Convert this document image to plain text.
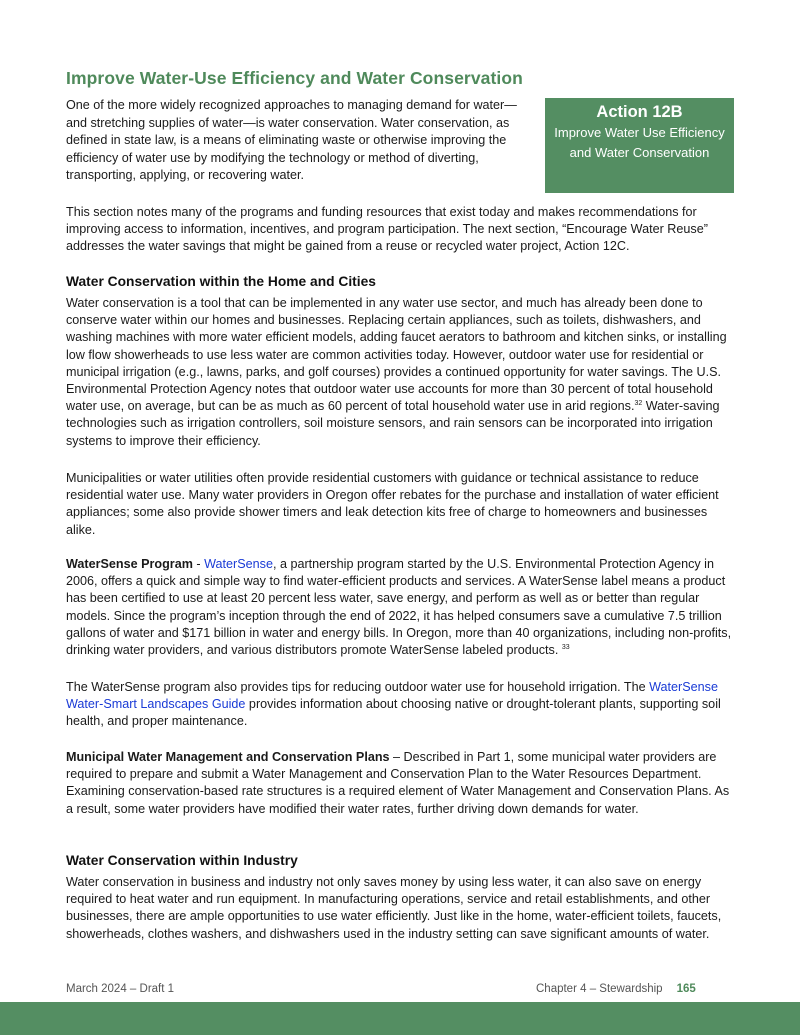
Improve Water-Use Efficiency and Water Conservation

One of the more widely recognized approaches to managing demand for water—and stretching supplies of water—is water conservation. Water conservation, as defined in state law, is a means of eliminating waste or otherwise improving the efficiency of water use by modifying the technology or method of diverting, transporting, applying, or recovering water.

Action 12B
Improve Water Use Efficiency and Water Conservation

This section notes many of the programs and funding resources that exist today and makes recommendations for improving access to information, incentives, and program participation. The next section, “Encourage Water Reuse” addresses the water savings that might be gained from a reuse or recycled water project, Action 12C.

Water Conservation within the Home and Cities

Water conservation is a tool that can be implemented in any water use sector, and much has already been done to conserve water within our homes and businesses. Replacing certain appliances, such as toilets, dishwashers, and washing machines with more water efficient models, adding faucet aerators to bathroom and kitchen sinks, or installing low flow showerheads to use less water are common activities today. However, outdoor water use for residential or municipal irrigation (e.g., lawns, parks, and golf courses) provides a continued opportunity for water savings. The U.S. Environmental Protection Agency notes that outdoor water use accounts for more than 30 percent of total household water use, on average, but can be as much as 60 percent of total household water use in arid regions.$^{32}$ Water-saving technologies such as irrigation controllers, soil moisture sensors, and rain sensors can be incorporated into irrigation systems to improve their efficiency.

Municipalities or water utilities often provide residential customers with guidance or technical assistance to reduce residential water use. Many water providers in Oregon offer rebates for the purchase and installation of water efficient appliances; some also provide shower timers and leak detection kits free of charge to homeowners and businesses alike.

WaterSense Program - WaterSense, a partnership program started by the U.S. Environmental Protection Agency in 2006, offers a quick and simple way to find water-efficient products and services. A WaterSense label means a product has been certified to use at least 20 percent less water, save energy, and perform as well as or better than regular models. Since the program’s inception through the end of 2022, it has helped consumers save a cumulative 7.5 trillion gallons of water and $171 billion in water and energy bills. In Oregon, more than 40 organizations, including non-profits, drinking water providers, and various distributors promote WaterSense labeled products. $^{33}$

The WaterSense program also provides tips for reducing outdoor water use for household irrigation. The WaterSense Water-Smart Landscapes Guide provides information about choosing native or drought-tolerant plants, supporting soil health, and proper maintenance.

Municipal Water Management and Conservation Plans – Described in Part 1, some municipal water providers are required to prepare and submit a Water Management and Conservation Plan to the Water Resources Department. Examining conservation-based rate structures is a required element of Water Management and Conservation Plans. As a result, some water providers have modified their water rates, further driving down demands for water.

Water Conservation within Industry

Water conservation in business and industry not only saves money by using less water, it can also save on energy required to heat water and run equipment. In manufacturing operations, service and retail establishments, and other businesses, there are ample opportunities to use water efficiently. Just like in the home, water-efficient toilets, faucets, showerheads, clothes washers, and dishwashers used in the industry setting can save significant amounts of water.

March 2024 – Draft 1	Chapter 4 – Stewardship 165
